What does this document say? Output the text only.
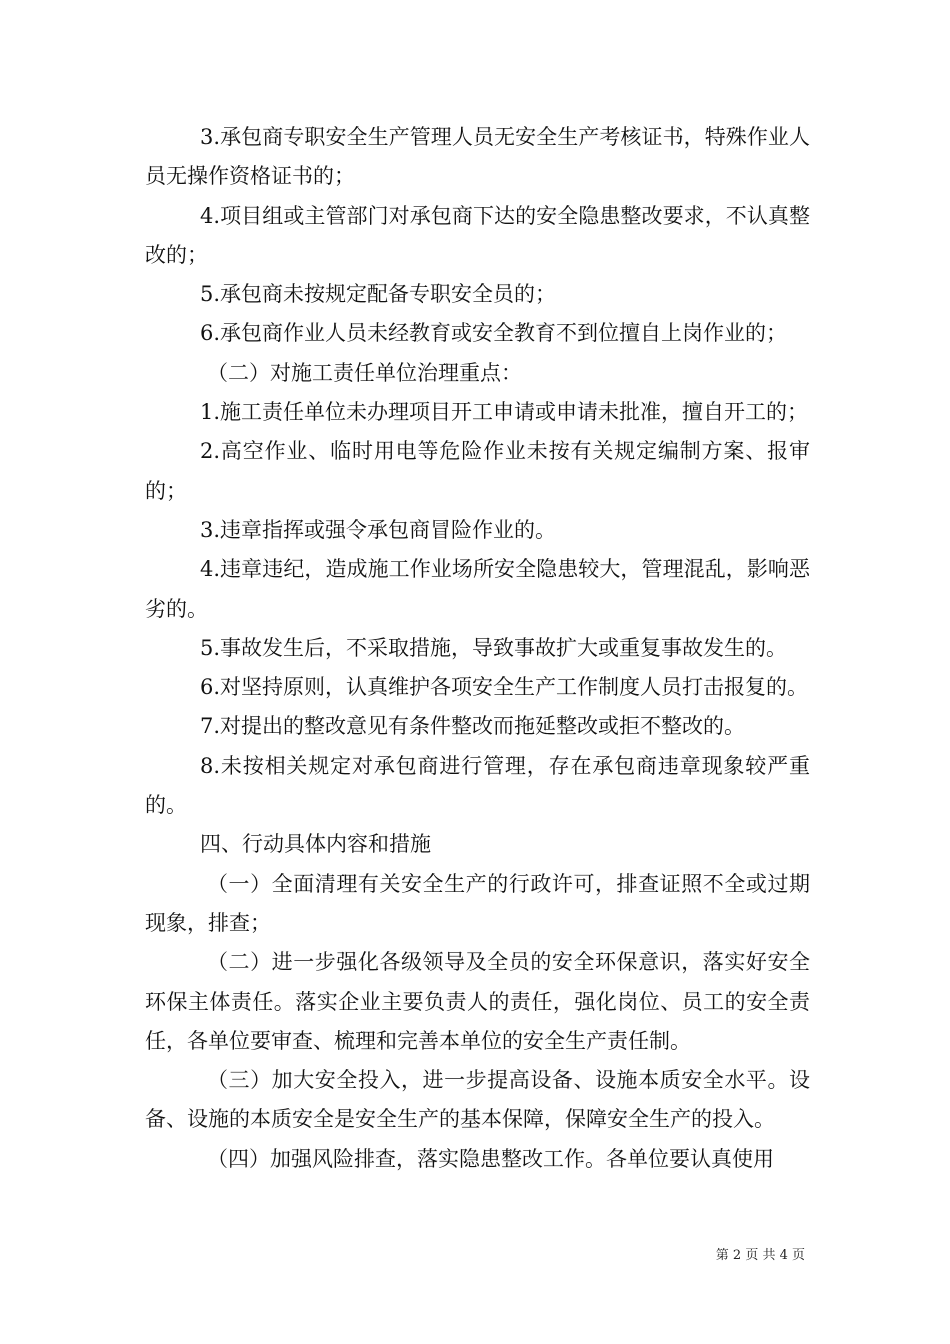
3.承包商专职安全生产管理人员无安全生产考核证书，特殊作业人员无操作资格证书的；

4.项目组或主管部门对承包商下达的安全隐患整改要求，不认真整改的；

5.承包商未按规定配备专职安全员的；

6.承包商作业人员未经教育或安全教育不到位擅自上岗作业的；

（二）对施工责任单位治理重点：

1.施工责任单位未办理项目开工申请或申请未批准，擅自开工的；

2.高空作业、临时用电等危险作业未按有关规定编制方案、报审的；

3.违章指挥或强令承包商冒险作业的。

4.违章违纪，造成施工作业场所安全隐患较大，管理混乱，影响恶劣的。

5.事故发生后，不采取措施，导致事故扩大或重复事故发生的。

6.对坚持原则，认真维护各项安全生产工作制度人员打击报复的。

7.对提出的整改意见有条件整改而拖延整改或拒不整改的。

8.未按相关规定对承包商进行管理，存在承包商违章现象较严重的。

四、行动具体内容和措施

（一）全面清理有关安全生产的行政许可，排查证照不全或过期现象，排查；

（二）进一步强化各级领导及全员的安全环保意识，落实好安全环保主体责任。落实企业主要负责人的责任，强化岗位、员工的安全责任，各单位要审查、梳理和完善本单位的安全生产责任制。

（三）加大安全投入，进一步提高设备、设施本质安全水平。设备、设施的本质安全是安全生产的基本保障，保障安全生产的投入。

（四）加强风险排查，落实隐患整改工作。各单位要认真使用

第 2 页 共 4 页
